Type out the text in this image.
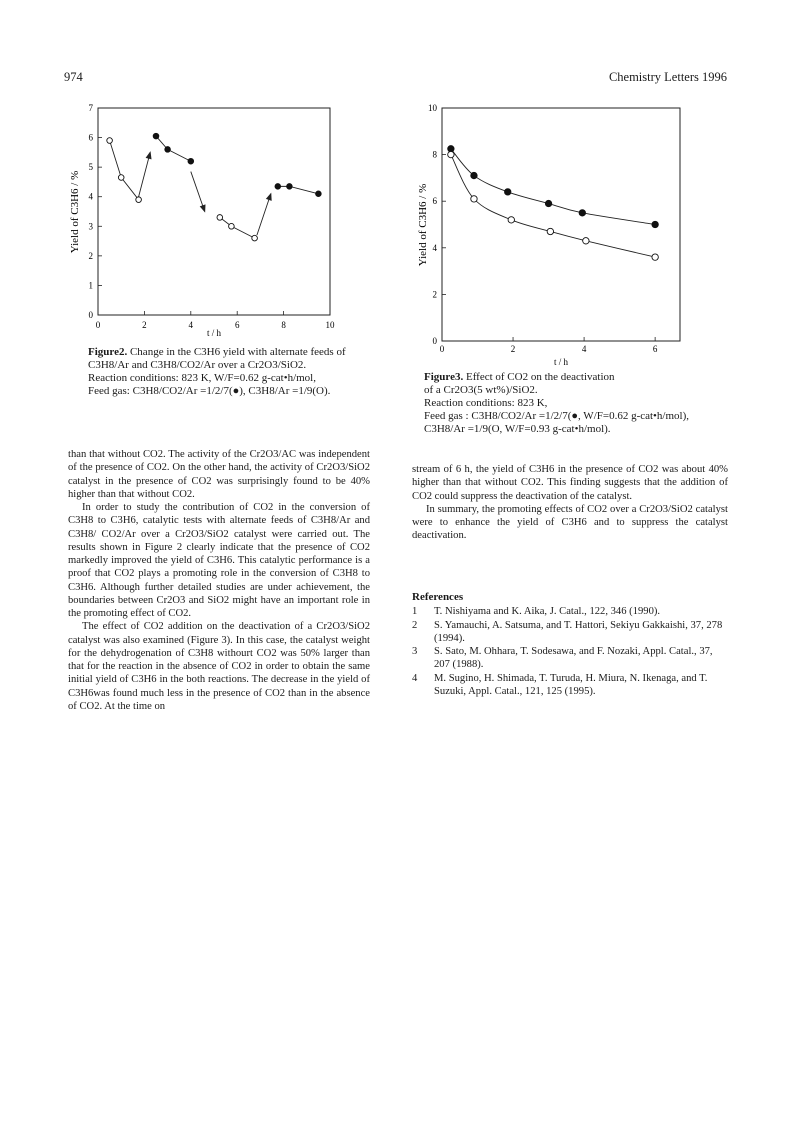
974	Chemistry Letters 1996
0	2	4	6	8	10
0
1
2
3
4
5
6
7
t / h
Yield of C3H6 / %
Figure2. Change in the C3H6 yield with alternate feeds of
C3H8/Ar and C3H8/CO2/Ar over a Cr2O3/SiO2.
Reaction conditions: 823 K, W/F=0.62 g-cat•h/mol,
Feed gas: C3H8/CO2/Ar =1/2/7(●), C3H8/Ar =1/9(O).
0	2	4	6
0
2
4
6
8
10
t / h
Yield of C3H6 / %
Figure3. Effect of CO2 on the deactivation
of a Cr2O3(5 wt%)/SiO2.
Reaction conditions: 823 K,
Feed gas : C3H8/CO2/Ar =1/2/7(●, W/F=0.62 g-cat•h/mol),
C3H8/Ar =1/9(O, W/F=0.93 g-cat•h/mol).

than that without CO2. The activity of the Cr2O3/AC was independent of the presence of CO2. On the other hand, the activity of Cr2O3/SiO2 catalyst in the presence of CO2 was surprisingly found to be 40% higher than that without CO2.

In order to study the contribution of CO2 in the conversion of C3H8 to C3H6, catalytic tests with alternate feeds of C3H8/Ar and C3H8/ CO2/Ar over a Cr2O3/SiO2 catalyst were carried out. The results shown in Figure 2 clearly indicate that the presence of CO2 markedly improved the yield of C3H6. This catalytic performance is a proof that CO2 plays a promoting role in the conversion of C3H8 to C3H6. Although further detailed studies are under achievement, the boundaries between Cr2O3 and SiO2 might have an important role in the promoting effect of CO2.

The effect of CO2 addition on the deactivation of a Cr2O3/SiO2 catalyst was also examined (Figure 3). In this case, the catalyst weight for the dehydrogenation of C3H8 withourt CO2 was 50% larger than that for the reaction in the absence of CO2 in order to obtain the same initial yield of C3H6 in the both reactions. The decrease in the yield of C3H6was found much less in the presence of CO2 than in the absence of CO2. At the time on

stream of 6 h, the yield of C3H6 in the presence of CO2 was about 40% higher than that without CO2. This finding suggests that the addition of CO2 could suppress the deactivation of the catalyst.

In summary, the promoting effects of CO2 over a Cr2O3/SiO2 catalyst were to enhance the yield of C3H6 and to suppress the catalyst deactivation.

References
1	T. Nishiyama and K. Aika, J. Catal., 122, 346 (1990).
2	S. Yamauchi, A. Satsuma, and T. Hattori, Sekiyu Gakkaishi, 37, 278 (1994).
3	S. Sato, M. Ohhara, T. Sodesawa, and F. Nozaki, Appl. Catal., 37, 207 (1988).
4	M. Sugino, H. Shimada, T. Turuda, H. Miura, N. Ikenaga, and T. Suzuki, Appl. Catal., 121, 125 (1995).
